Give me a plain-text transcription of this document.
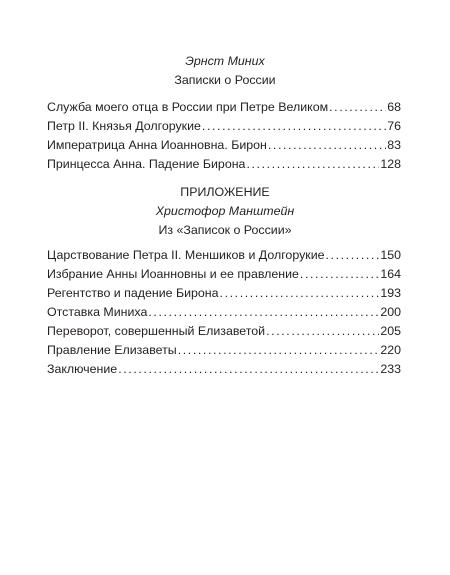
Эрнст Миних

Записки о России

Служба моего отца в России при Петре Великом .....	68
Петр II. Князья Долгорукие .....	76
Императрица Анна Иоанновна. Бирон .....	83
Принцесса Анна. Падение Бирона .....	128

ПРИЛОЖЕНИЕ

Христофор Манштейн

Из «Записок о России»

Царствование Петра II. Меншиков и Долгорукие .....	150
Избрание Анны Иоанновны и ее правление .....	164
Регентство и падение Бирона .....	193
Отставка Миниха .....	200
Переворот, совершенный Елизаветой .....	205
Правление Елизаветы .....	220
Заключение .....	233
